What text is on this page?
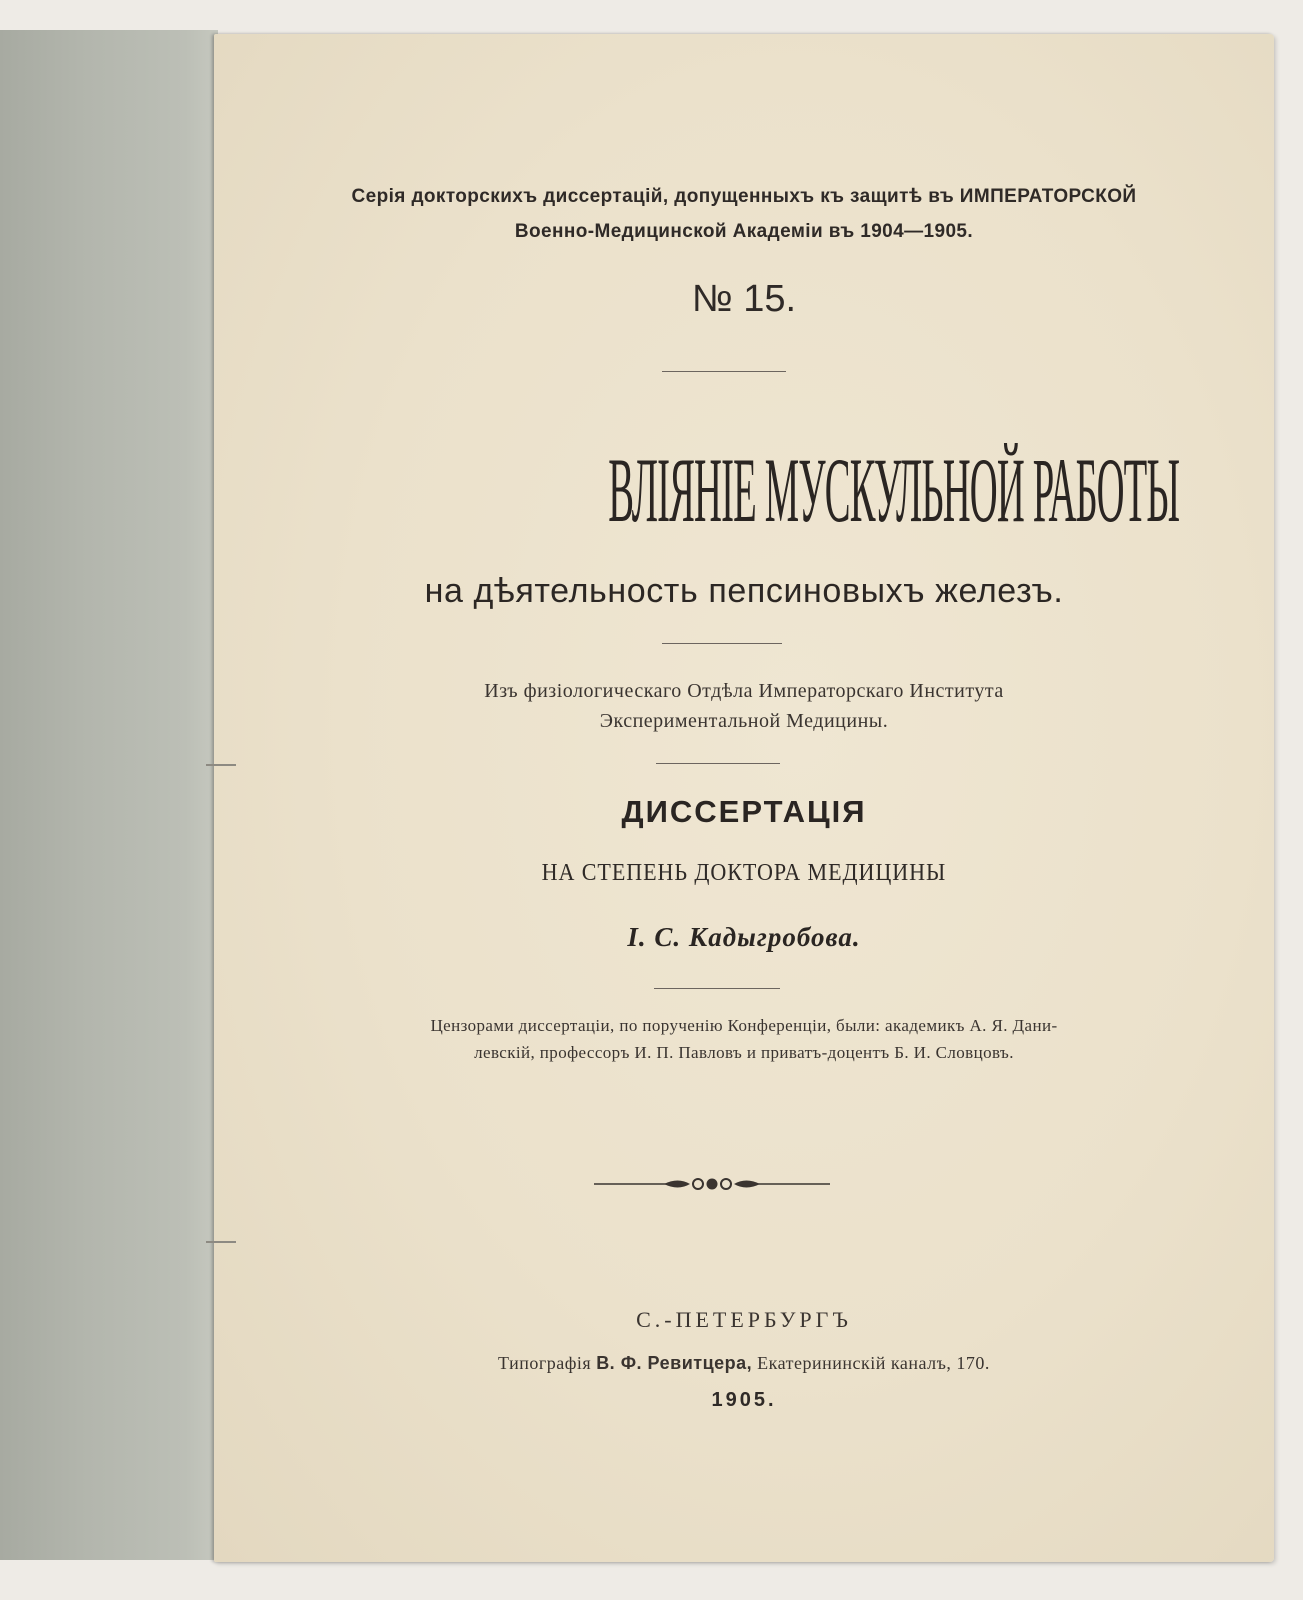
Серія докторскихъ диссертацій, допущенныхъ къ защитѣ въ ИМПЕРАТОРСКОЙ
Военно-Медицинской Академіи въ 1904—1905.
№ 15.
ВЛІЯНІЕ МУСКУЛЬНОЙ РАБОТЫ
на дѣятельность пепсиновыхъ железъ.
Изъ физіологическаго Отдѣла Императорскаго Института
Экспериментальной Медицины.
ДИССЕРТАЦІЯ
НА СТЕПЕНЬ ДОКТОРА МЕДИЦИНЫ
І. С. Кадыгробова.
Цензорами диссертаціи, по порученію Конференціи, были: академикъ А. Я. Дани-
левскій, профессоръ И. П. Павловъ и приватъ-доцентъ Б. И. Словцовъ.
С.-ПЕТЕРБУРГЪ
Типографія В. Ф. Ревитцера, Екатерининскій каналъ, 170.
1905.
